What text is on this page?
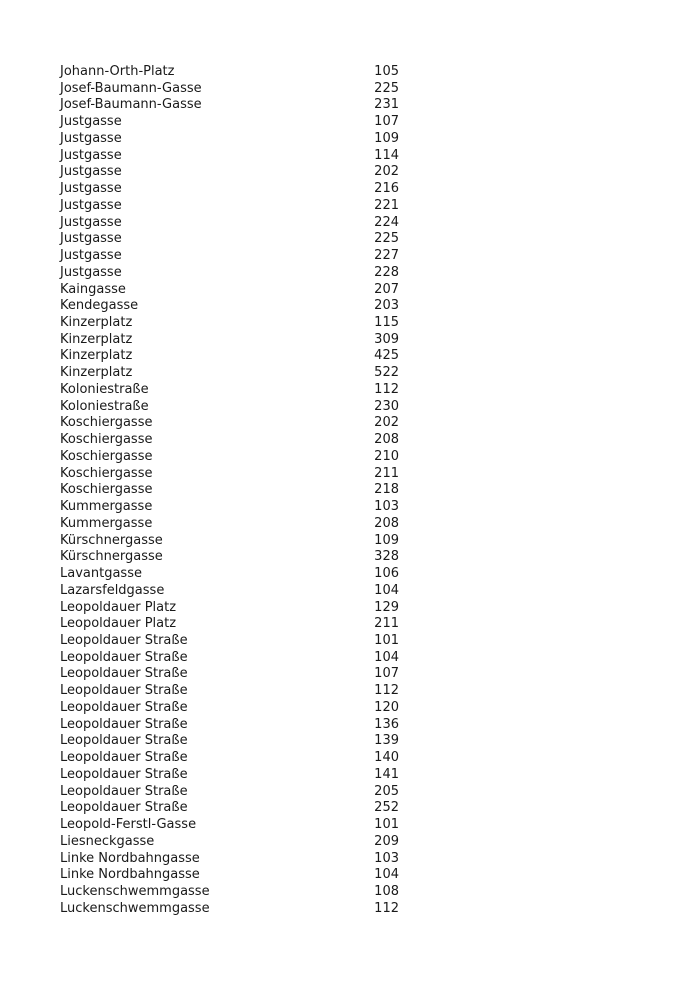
Johann-Orth-Platz	105
Josef-Baumann-Gasse	225
Josef-Baumann-Gasse	231
Justgasse	107
Justgasse	109
Justgasse	114
Justgasse	202
Justgasse	216
Justgasse	221
Justgasse	224
Justgasse	225
Justgasse	227
Justgasse	228
Kaingasse	207
Kendegasse	203
Kinzerplatz	115
Kinzerplatz	309
Kinzerplatz	425
Kinzerplatz	522
Koloniestraße	112
Koloniestraße	230
Koschiergasse	202
Koschiergasse	208
Koschiergasse	210
Koschiergasse	211
Koschiergasse	218
Kummergasse	103
Kummergasse	208
Kürschnergasse	109
Kürschnergasse	328
Lavantgasse	106
Lazarsfeldgasse	104
Leopoldauer Platz	129
Leopoldauer Platz	211
Leopoldauer Straße	101
Leopoldauer Straße	104
Leopoldauer Straße	107
Leopoldauer Straße	112
Leopoldauer Straße	120
Leopoldauer Straße	136
Leopoldauer Straße	139
Leopoldauer Straße	140
Leopoldauer Straße	141
Leopoldauer Straße	205
Leopoldauer Straße	252
Leopold-Ferstl-Gasse	101
Liesneckgasse	209
Linke Nordbahngasse	103
Linke Nordbahngasse	104
Luckenschwemmgasse	108
Luckenschwemmgasse	112
